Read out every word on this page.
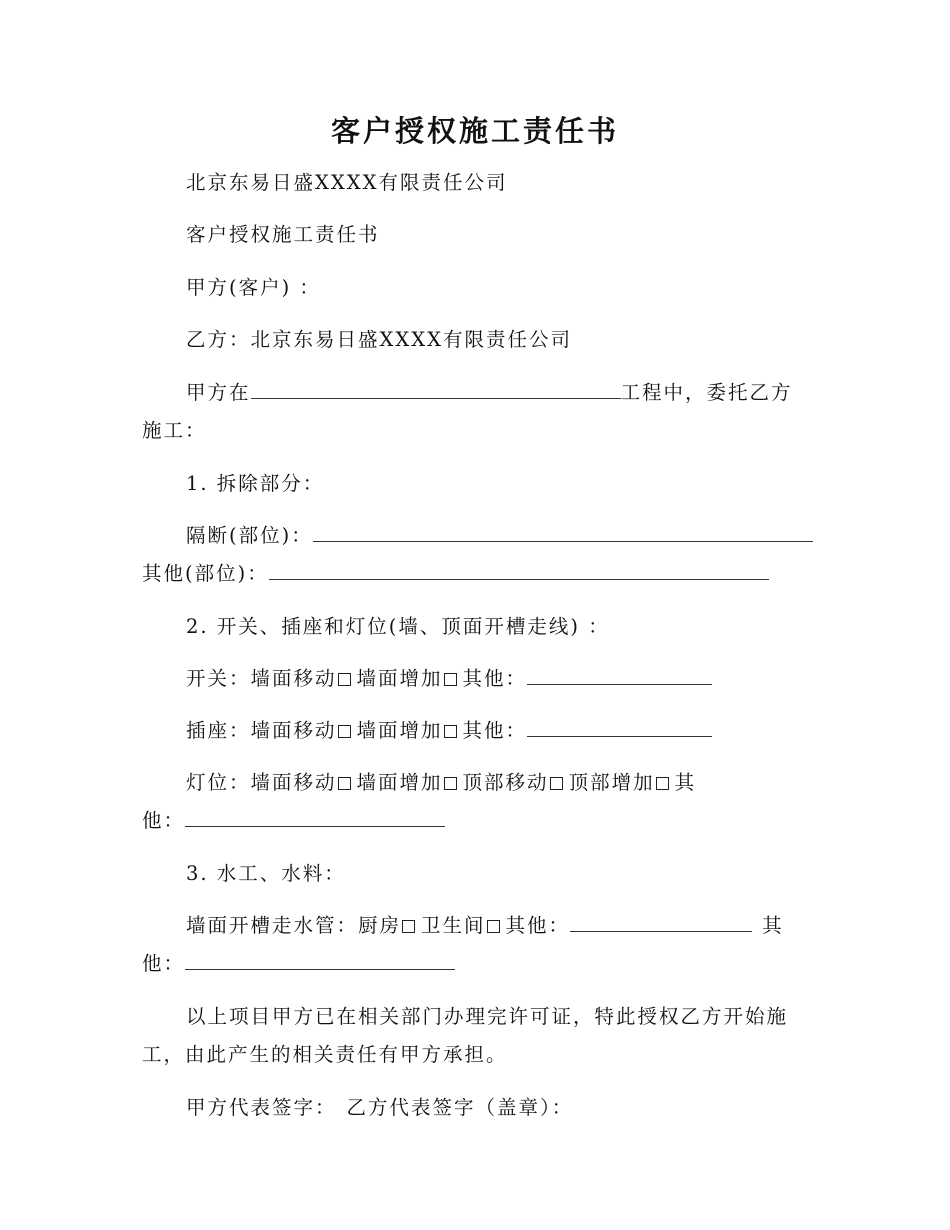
客户授权施工责任书
北京东易日盛XXXX有限责任公司
客户授权施工责任书
甲方(客户) ：
乙方：北京东易日盛XXXX有限责任公司
甲方在	工程中，委托乙方
施工：
1. 拆除部分：
隔断(部位)：
其他(部位)：
2. 开关、插座和灯位(墙、顶面开槽走线) ：
开关：墙面移动 墙面增加 其他：
插座：墙面移动 墙面增加 其他：
灯位：墙面移动 墙面增加 顶部移动 顶部增加 其
他：
3. 水工、水料：
墙面开槽走水管：厨房 卫生间 其他：	其
他：
以上项目甲方已在相关部门办理完许可证，特此授权乙方开始施
工，由此产生的相关责任有甲方承担。
甲方代表签字： 乙方代表签字（盖章）：
